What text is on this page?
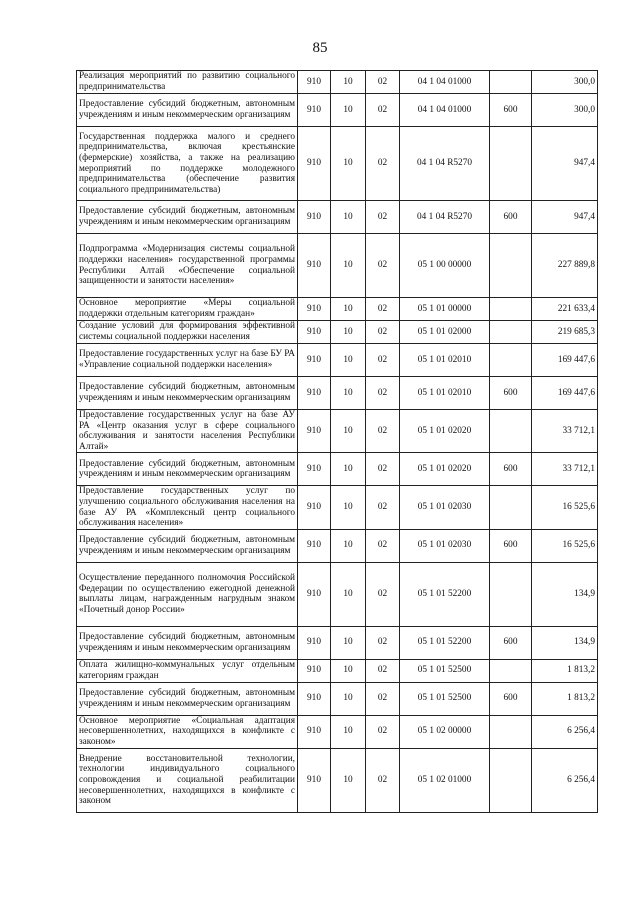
85
Реализация мероприятий по развитию социального предпринимательства	910	10	02	04 1 04 01000		300,0
Предоставление субсидий бюджетным, автономным учреждениям и иным некоммерческим организациям	910	10	02	04 1 04 01000	600	300,0
Государственная поддержка малого и среднего предпринимательства, включая крестьянские (фермерские) хозяйства, а также на реализацию мероприятий по поддержке молодежного предпринимательства (обеспечение развития социального предпринимательства)	910	10	02	04 1 04 R5270		947,4
Предоставление субсидий бюджетным, автономным учреждениям и иным некоммерческим организациям	910	10	02	04 1 04 R5270	600	947,4
Подпрограмма «Модернизация системы социальной поддержки населения» государственной программы Республики Алтай «Обеспечение социальной защищенности и занятости населения»	910	10	02	05 1 00 00000		227 889,8
Основное мероприятие «Меры социальной поддержки отдельным категориям граждан»	910	10	02	05 1 01 00000		221 633,4
Создание условий для формирования эффективной системы социальной поддержки населения	910	10	02	05 1 01 02000		219 685,3
Предоставление государственных услуг на базе БУ РА «Управление социальной поддержки населения»	910	10	02	05 1 01 02010		169 447,6
Предоставление субсидий бюджетным, автономным учреждениям и иным некоммерческим организациям	910	10	02	05 1 01 02010	600	169 447,6
Предоставление государственных услуг на базе АУ РА «Центр оказания услуг в сфере социального обслуживания и занятости населения Республики Алтай»	910	10	02	05 1 01 02020		33 712,1
Предоставление субсидий бюджетным, автономным учреждениям и иным некоммерческим организациям	910	10	02	05 1 01 02020	600	33 712,1
Предоставление государственных услуг по улучшению социального обслуживания населения на базе АУ РА «Комплексный центр социального обслуживания населения»	910	10	02	05 1 01 02030		16 525,6
Предоставление субсидий бюджетным, автономным учреждениям и иным некоммерческим организациям	910	10	02	05 1 01 02030	600	16 525,6
Осуществление переданного полномочия Российской Федерации по осуществлению ежегодной денежной выплаты лицам, награжденным нагрудным знаком «Почетный донор России»	910	10	02	05 1 01 52200		134,9
Предоставление субсидий бюджетным, автономным учреждениям и иным некоммерческим организациям	910	10	02	05 1 01 52200	600	134,9
Оплата жилищно-коммунальных услуг отдельным категориям граждан	910	10	02	05 1 01 52500		1 813,2
Предоставление субсидий бюджетным, автономным учреждениям и иным некоммерческим организациям	910	10	02	05 1 01 52500	600	1 813,2
Основное мероприятие «Социальная адаптация несовершеннолетних, находящихся в конфликте с законом»	910	10	02	05 1 02 00000		6 256,4
Внедрение восстановительной технологии, технологии индивидуального социального сопровождения и социальной реабилитации несовершеннолетних, находящихся в конфликте с законом	910	10	02	05 1 02 01000		6 256,4
